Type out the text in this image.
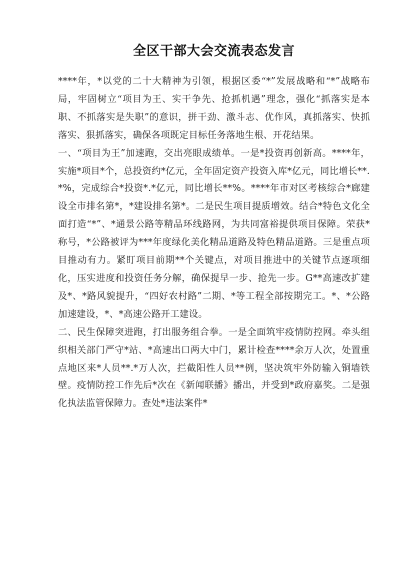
全区干部大会交流表态发言

****年，*以党的二十大精神为引领，根据区委“*”发展战略和“*”战略布局，牢固树立“项目为王、实干争先、抢抓机遇”理念，强化“抓落实是本职、不抓落实是失职”的意识，拼干劲、激斗志、优作风，真抓落实、快抓落实、狠抓落实，确保各项既定目标任务落地生根、开花结果。

一、“项目为王”加速跑，交出亮眼成绩单。一是*投资再创新高。****年，实施*项目*个，总投资约*亿元，全年固定资产投资入库*亿元，同比增长**.*%，完成综合*投资*.*亿元，同比增长**%。****年市对区考核综合*廊建设全市排名第*，*建设排名第*。二是民生项目提质增效。结合*特色文化全面打造“*”、*通景公路等精品环线路网，为共同富裕提供项目保障。荣获*称号，*公路被评为***年度绿化美化精品道路及特色精品道路。三是重点项目推动有力。紧盯项目前期**个关键点，对项目推进中的关键节点逐项细化，压实进度和投资任务分解，确保提早一步、抢先一步。G**高速改扩建及*、*路风貌提升，“四好农村路”二期、*等工程全部按期完工。*、*公路加速建设，*、*高速公路开工建设。

二、民生保障突进跑，打出服务组合拳。一是全面筑牢疫情防控网。牵头组织相关部门严守*站、*高速出口两大中门，累计检查****余万人次，处置重点地区来*人员**.*万人次，拦截阳性人员**例，坚决筑牢外防输入铜墙铁壁。疫情防控工作先后*次在《新闻联播》播出，并受到*政府嘉奖。二是强化执法监管保障力。查处*违法案件*
